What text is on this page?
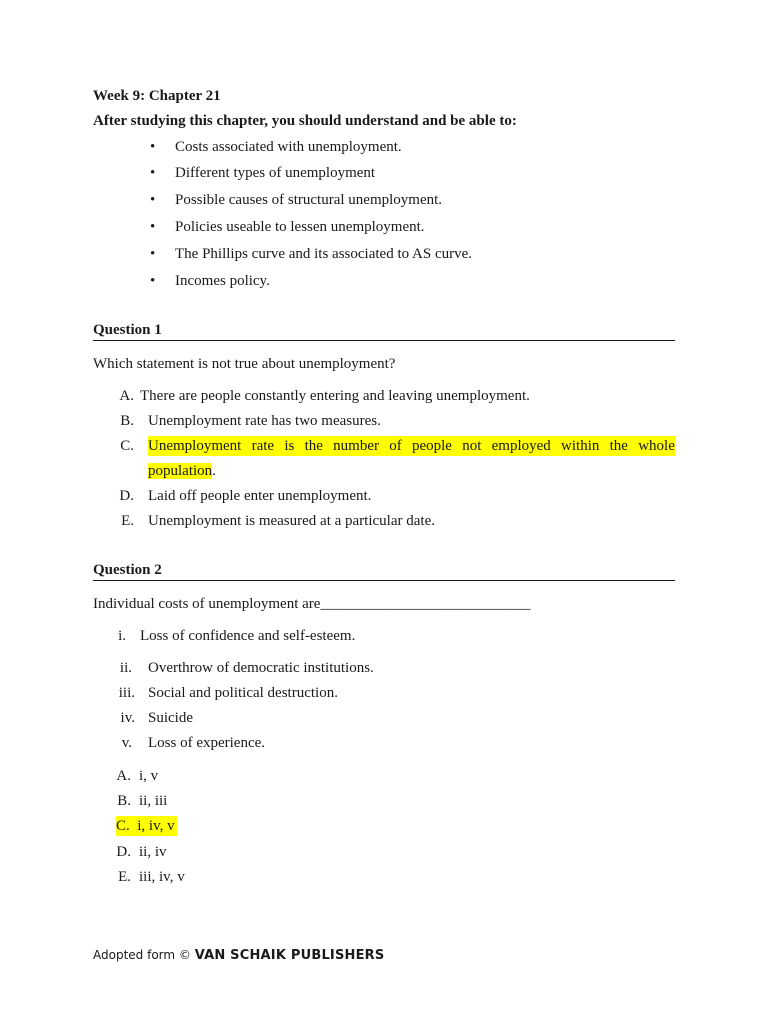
Week 9: Chapter 21
After studying this chapter, you should understand and be able to:
• Costs associated with unemployment.
• Different types of unemployment
• Possible causes of structural unemployment.
• Policies useable to lessen unemployment.
• The Phillips curve and its associated to AS curve.
• Incomes policy.
Question 1
Which statement is not true about unemployment?
A. There are people constantly entering and leaving unemployment.
B. Unemployment rate has two measures.
C. Unemployment rate is the number of people not employed within the whole
population.
D. Laid off people enter unemployment.
E. Unemployment is measured at a particular date.
Question 2
Individual costs of unemployment are____________________________
i. Loss of confidence and self-esteem.
ii. Overthrow of democratic institutions.
iii. Social and political destruction.
iv. Suicide
v. Loss of experience.
A. i, v
B. ii, iii
C. i, iv, v
D. ii, iv
E. iii, iv, v
Adopted form © VAN SCHAIK PUBLISHERS
